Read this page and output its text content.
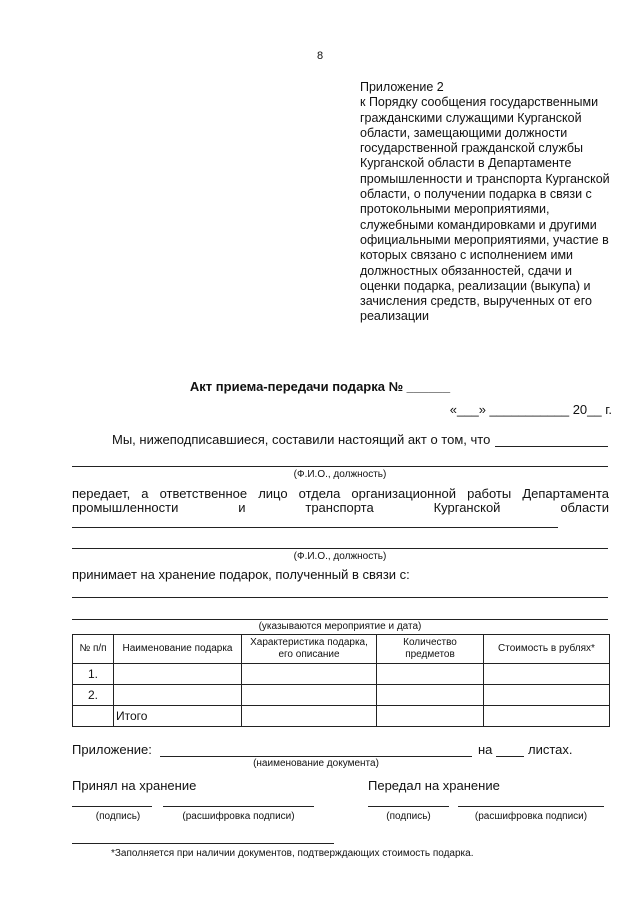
8
Приложение 2
к Порядку сообщения государственными гражданскими служащими Курганской области, замещающими должности государственной гражданской службы Курганской области в Департаменте промышленности и транспорта Курганской области, о получении подарка в связи с протокольными мероприятиями, служебными командировками и другими официальными мероприятиями, участие в которых связано с исполнением ими должностных обязанностей, сдачи и оценки подарка, реализации (выкупа) и зачисления средств, вырученных от его реализации
Акт приема-передачи подарка № ______
«___» ___________ 20__ г.
Мы, нижеподписавшиеся, составили настоящий акт о том, что
(Ф.И.О., должность)
передает, а ответственное лицо отдела организационной работы Департамента
промышленности	и	транспорта	Курганской	области
(Ф.И.О., должность)
принимает на хранение подарок, полученный в связи с:
(указываются мероприятие и дата)
№ п/п	Наименование подарка	Характеристика подарка, его описание	Количество предметов	Стоимость в рублях*
1.				
2.				
	Итого			
Приложение:	на	листах.
(наименование документа)
Принял на хранение	Передал на хранение
(подпись)	(расшифровка подписи)	(подпись)	(расшифровка подписи)
*Заполняется при наличии документов, подтверждающих стоимость подарка.
